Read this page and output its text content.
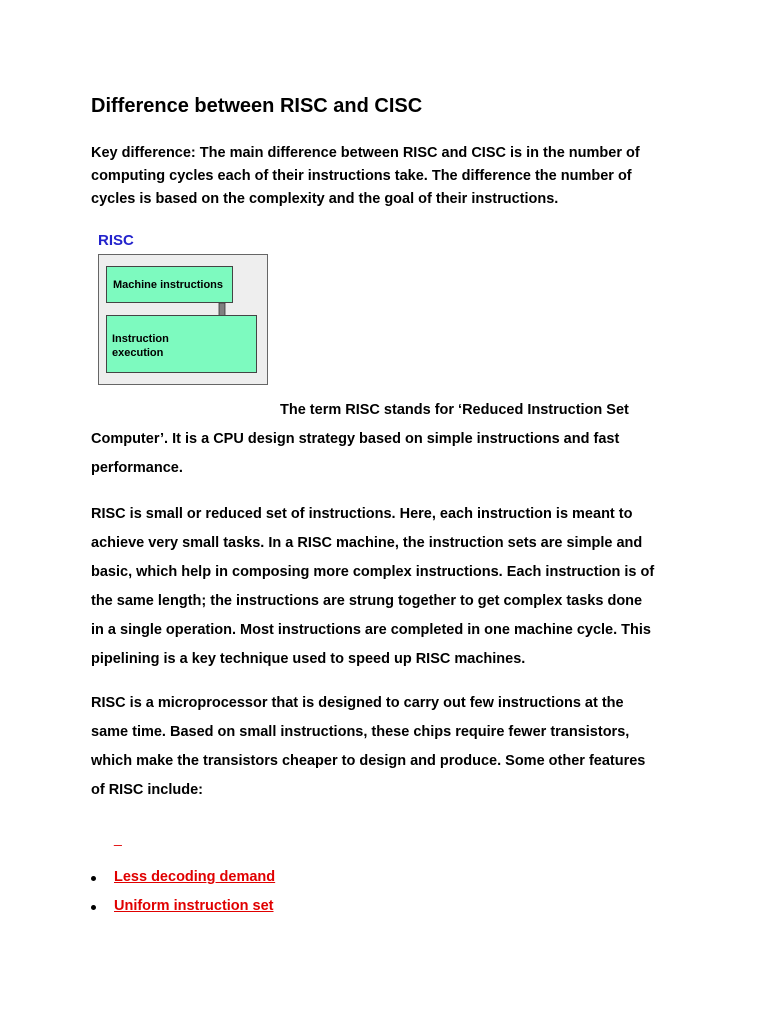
Difference between RISC and CISC

Key difference: The main difference between RISC and CISC is in the number of
computing cycles each of their instructions take. The difference the number of
cycles is based on the complexity and the goal of their instructions.

RISC
Machine instructions
Instruction
execution

The term RISC stands for ‘Reduced Instruction Set
Computer’. It is a CPU design strategy based on simple instructions and fast
performance.

RISC is small or reduced set of instructions. Here, each instruction is meant to
achieve very small tasks. In a RISC machine, the instruction sets are simple and
basic, which help in composing more complex instructions. Each instruction is of
the same length; the instructions are strung together to get complex tasks done
in a single operation. Most instructions are completed in one machine cycle. This
pipelining is a key technique used to speed up RISC machines.

RISC is a microprocessor that is designed to carry out few instructions at the
same time. Based on small instructions, these chips require fewer transistors,
which make the transistors cheaper to design and produce. Some other features
of RISC include:

_
Less decoding demand
Uniform instruction set
